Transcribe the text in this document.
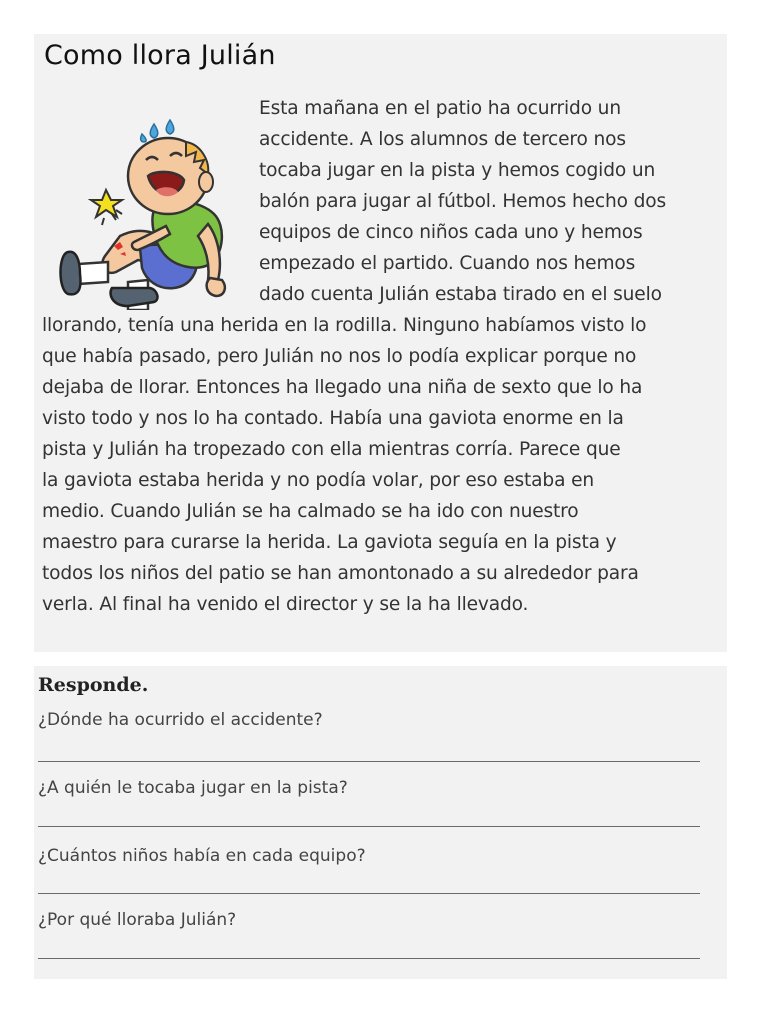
Como llora Julián

Esta mañana en el patio ha ocurrido un

accidente. A los alumnos de tercero nos

tocaba jugar en la pista y hemos cogido un

balón para jugar al fútbol. Hemos hecho dos

equipos de cinco niños cada uno y hemos

empezado el partido. Cuando nos hemos

dado cuenta Julián estaba tirado en el suelo

llorando, tenía una herida en la rodilla. Ninguno habíamos visto lo

que había pasado, pero Julián no nos lo podía explicar porque no

dejaba de llorar. Entonces ha llegado una niña de sexto que lo ha

visto todo y nos lo ha contado. Había una gaviota enorme en la

pista y Julián ha tropezado con ella mientras corría. Parece que

la gaviota estaba herida y no podía volar, por eso estaba en

medio. Cuando Julián se ha calmado se ha ido con nuestro

maestro para curarse la herida. La gaviota seguía en la pista y

todos los niños del patio se han amontonado a su alrededor para

verla. Al final ha venido el director y se la ha llevado.

Responde.

¿Dónde ha ocurrido el accidente?

¿A quién le tocaba jugar en la pista?

¿Cuántos niños había en cada equipo?

¿Por qué lloraba Julián?
